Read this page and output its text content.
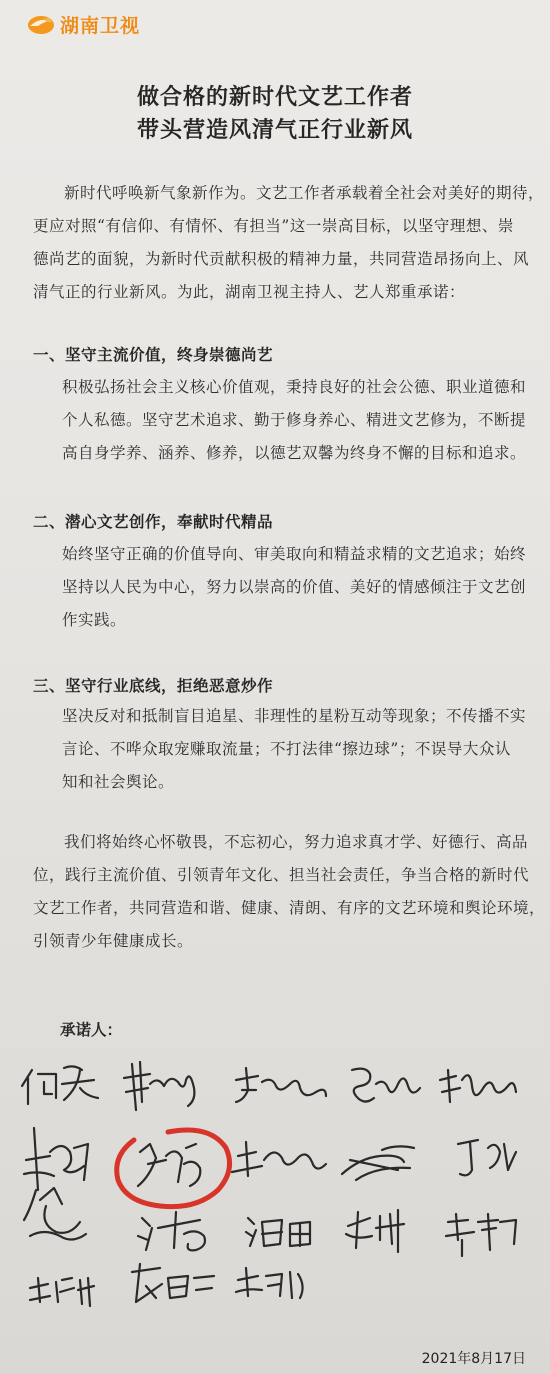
湖南卫视
做合格的新时代文艺工作者
带头营造风清气正行业新风
新时代呼唤新气象新作为。文艺工作者承载着全社会对美好的期待，
更应对照“有信仰、有情怀、有担当”这一崇高目标，以坚守理想、崇
德尚艺的面貌，为新时代贡献积极的精神力量，共同营造昂扬向上、风
清气正的行业新风。为此，湖南卫视主持人、艺人郑重承诺：
一、坚守主流价值，终身崇德尚艺
积极弘扬社会主义核心价值观，秉持良好的社会公德、职业道德和
个人私德。坚守艺术追求、勤于修身养心、精进文艺修为，不断提
高自身学养、涵养、修养，以德艺双馨为终身不懈的目标和追求。
二、潜心文艺创作，奉献时代精品
始终坚守正确的价值导向、审美取向和精益求精的文艺追求；始终
坚持以人民为中心，努力以崇高的价值、美好的情感倾注于文艺创
作实践。
三、坚守行业底线，拒绝恶意炒作
坚决反对和抵制盲目追星、非理性的星粉互动等现象；不传播不实
言论、不哗众取宠赚取流量；不打法律“擦边球”；不误导大众认
知和社会舆论。
我们将始终心怀敬畏，不忘初心，努力追求真才学、好德行、高品
位，践行主流价值、引领青年文化、担当社会责任，争当合格的新时代
文艺工作者，共同营造和谐、健康、清朗、有序的文艺环境和舆论环境，
引领青少年健康成长。
承诺人：
2021年8月17日
